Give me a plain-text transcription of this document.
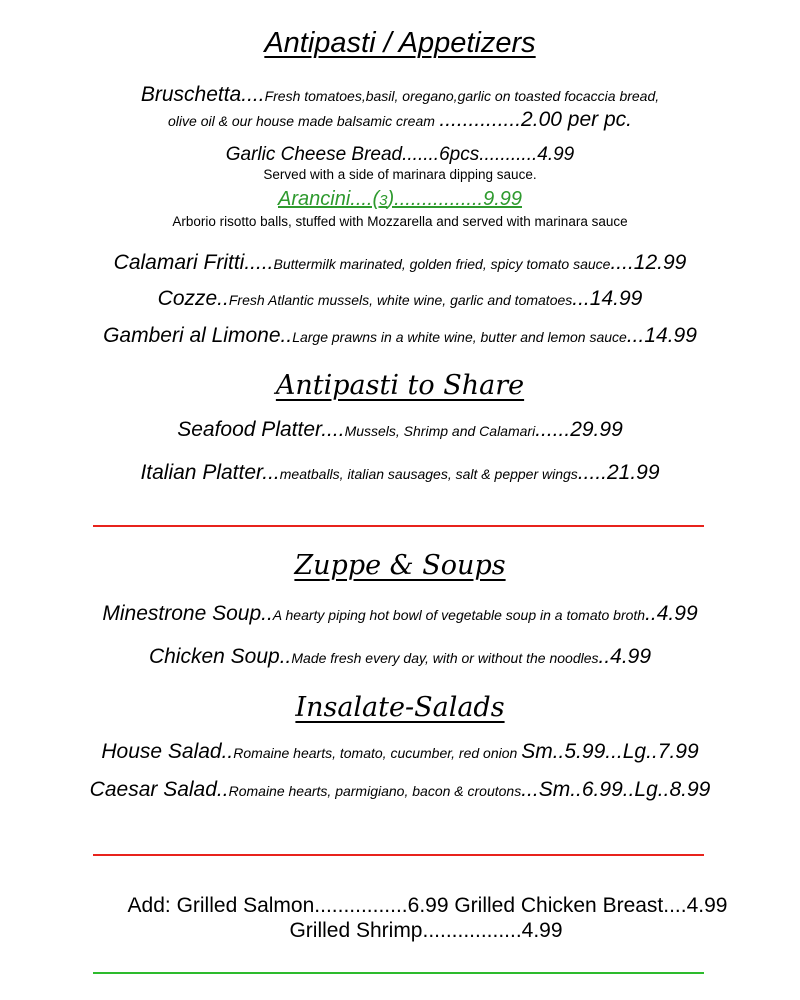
Antipasti / Appetizers
Bruschetta....Fresh tomatoes,basil, oregano,garlic on toasted focaccia bread,
olive oil & our house made balsamic cream ..............2.00 per pc.
Garlic Cheese Bread.......6pcs...........4.99
Served with a side of marinara dipping sauce.
Arancini....(3)................9.99
Arborio risotto balls, stuffed with Mozzarella and served with marinara sauce
Calamari Fritti.....Buttermilk marinated, golden fried, spicy tomato sauce....12.99
Cozze..Fresh Atlantic mussels, white wine, garlic and tomatoes...14.99
Gamberi al Limone..Large prawns in a white wine, butter and lemon sauce...14.99
Antipasti to Share
Seafood Platter....Mussels, Shrimp and Calamari......29.99
Italian Platter...meatballs, italian sausages, salt & pepper wings.....21.99
Zuppe & Soups
Minestrone Soup..A hearty piping hot bowl of vegetable soup in a tomato broth..4.99
Chicken Soup..Made fresh every day, with or without the noodles..4.99
Insalate-Salads
House Salad..Romaine hearts, tomato, cucumber, red onion Sm..5.99...Lg..7.99
Caesar Salad..Romaine hearts, parmigiano, bacon & croutons...Sm..6.99..Lg..8.99
Add: Grilled Salmon................6.99 Grilled Chicken Breast....4.99
Grilled Shrimp.................4.99
